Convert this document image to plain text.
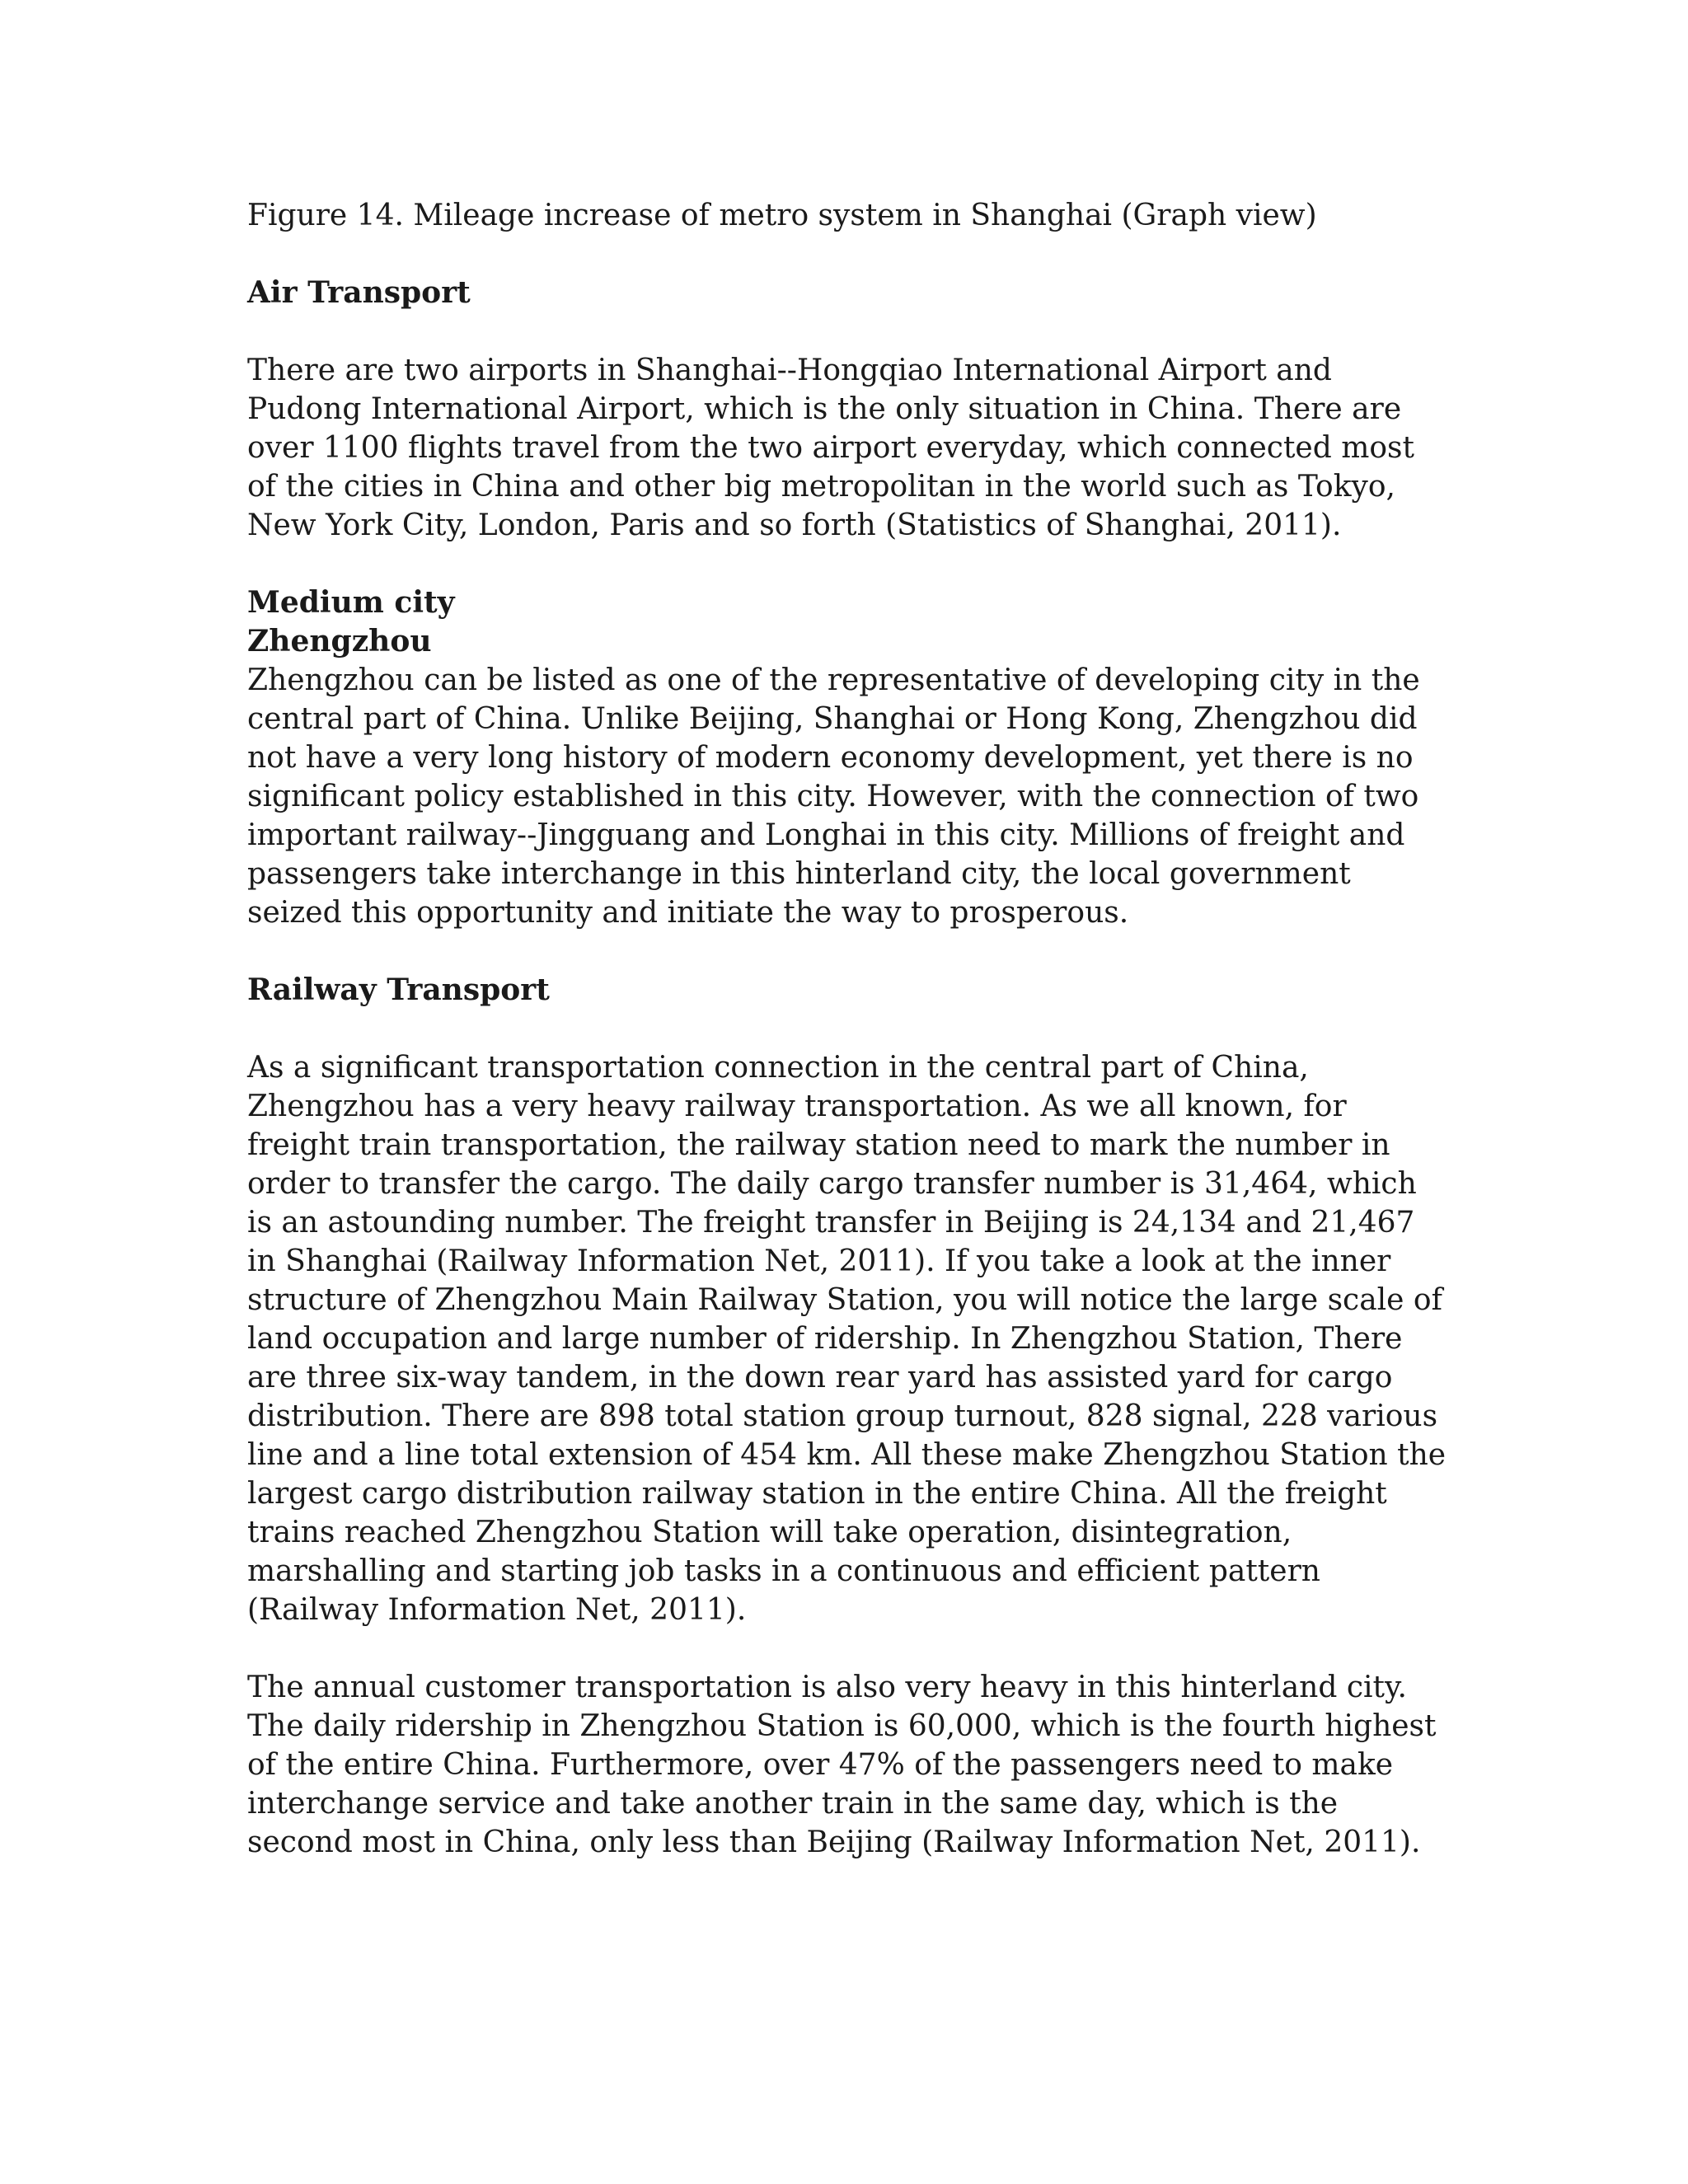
Figure 14. Mileage increase of metro system in Shanghai (Graph view)

Air Transport

There are two airports in Shanghai--Hongqiao International Airport and Pudong International Airport, which is the only situation in China. There are over 1100 flights travel from the two airport everyday, which connected most of the cities in China and other big metropolitan in the world such as Tokyo, New York City, London, Paris and so forth (Statistics of Shanghai, 2011).

Medium city

Zhengzhou

Zhengzhou can be listed as one of the representative of developing city in the central part of China. Unlike Beijing, Shanghai or Hong Kong, Zhengzhou did not have a very long history of modern economy development, yet there is no significant policy established in this city. However, with the connection of two important railway--Jingguang and Longhai in this city. Millions of freight and passengers take interchange in this hinterland city, the local government seized this opportunity and initiate the way to prosperous.

Railway Transport

As a significant transportation connection in the central part of China, Zhengzhou has a very heavy railway transportation. As we all known, for freight train transportation, the railway station need to mark the number in order to transfer the cargo. The daily cargo transfer number is 31,464, which is an astounding number. The freight transfer in Beijing is 24,134 and 21,467 in Shanghai (Railway Information Net, 2011). If you take a look at the inner structure of Zhengzhou Main Railway Station, you will notice the large scale of land occupation and large number of ridership. In Zhengzhou Station, There are three six-way tandem, in the down rear yard has assisted yard for cargo distribution. There are 898 total station group turnout, 828 signal, 228 various line and a line total extension of 454 km. All these make Zhengzhou Station the largest cargo distribution railway station in the entire China. All the freight trains reached Zhengzhou Station will take operation, disintegration, marshalling and starting job tasks in a continuous and efficient pattern (Railway Information Net, 2011).

The annual customer transportation is also very heavy in this hinterland city. The daily ridership in Zhengzhou Station is 60,000, which is the fourth highest of the entire China. Furthermore, over 47% of the passengers need to make interchange service and take another train in the same day, which is the second most in China, only less than Beijing (Railway Information Net, 2011).
